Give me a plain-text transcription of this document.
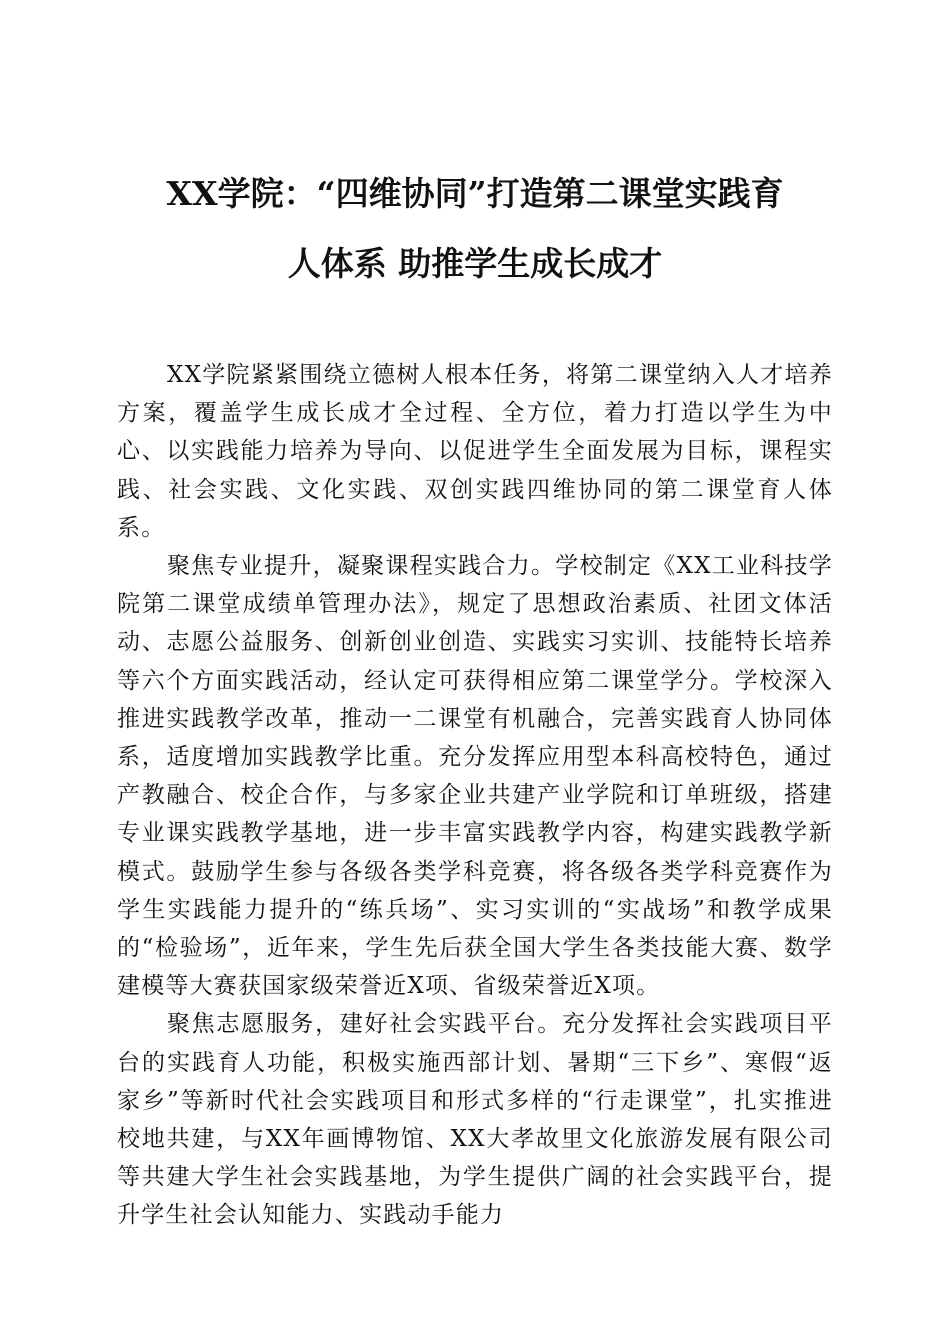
XX学院：“四维协同”打造第二课堂实践育
人体系 助推学生成长成才

XX学院紧紧围绕立德树人根本任务，将第二课堂纳入人才培养方案，覆盖学生成长成才全过程、全方位，着力打造以学生为中心、以实践能力培养为导向、以促进学生全面发展为目标，课程实践、社会实践、文化实践、双创实践四维协同的第二课堂育人体系。

聚焦专业提升，凝聚课程实践合力。学校制定《XX工业科技学院第二课堂成绩单管理办法》，规定了思想政治素质、社团文体活动、志愿公益服务、创新创业创造、实践实习实训、技能特长培养等六个方面实践活动，经认定可获得相应第二课堂学分。学校深入推进实践教学改革，推动一二课堂有机融合，完善实践育人协同体系，适度增加实践教学比重。充分发挥应用型本科高校特色，通过产教融合、校企合作，与多家企业共建产业学院和订单班级，搭建专业课实践教学基地，进一步丰富实践教学内容，构建实践教学新模式。鼓励学生参与各级各类学科竞赛，将各级各类学科竞赛作为学生实践能力提升的“练兵场”、实习实训的“实战场”和教学成果的“检验场”，近年来，学生先后获全国大学生各类技能大赛、数学建模等大赛获国家级荣誉近X项、省级荣誉近X项。

聚焦志愿服务，建好社会实践平台。充分发挥社会实践项目平台的实践育人功能，积极实施西部计划、暑期“三下乡”、寒假“返家乡”等新时代社会实践项目和形式多样的“行走课堂”，扎实推进校地共建，与XX年画博物馆、XX大孝故里文化旅游发展有限公司等共建大学生社会实践基地，为学生提供广阔的社会实践平台，提升学生社会认知能力、实践动手能力
